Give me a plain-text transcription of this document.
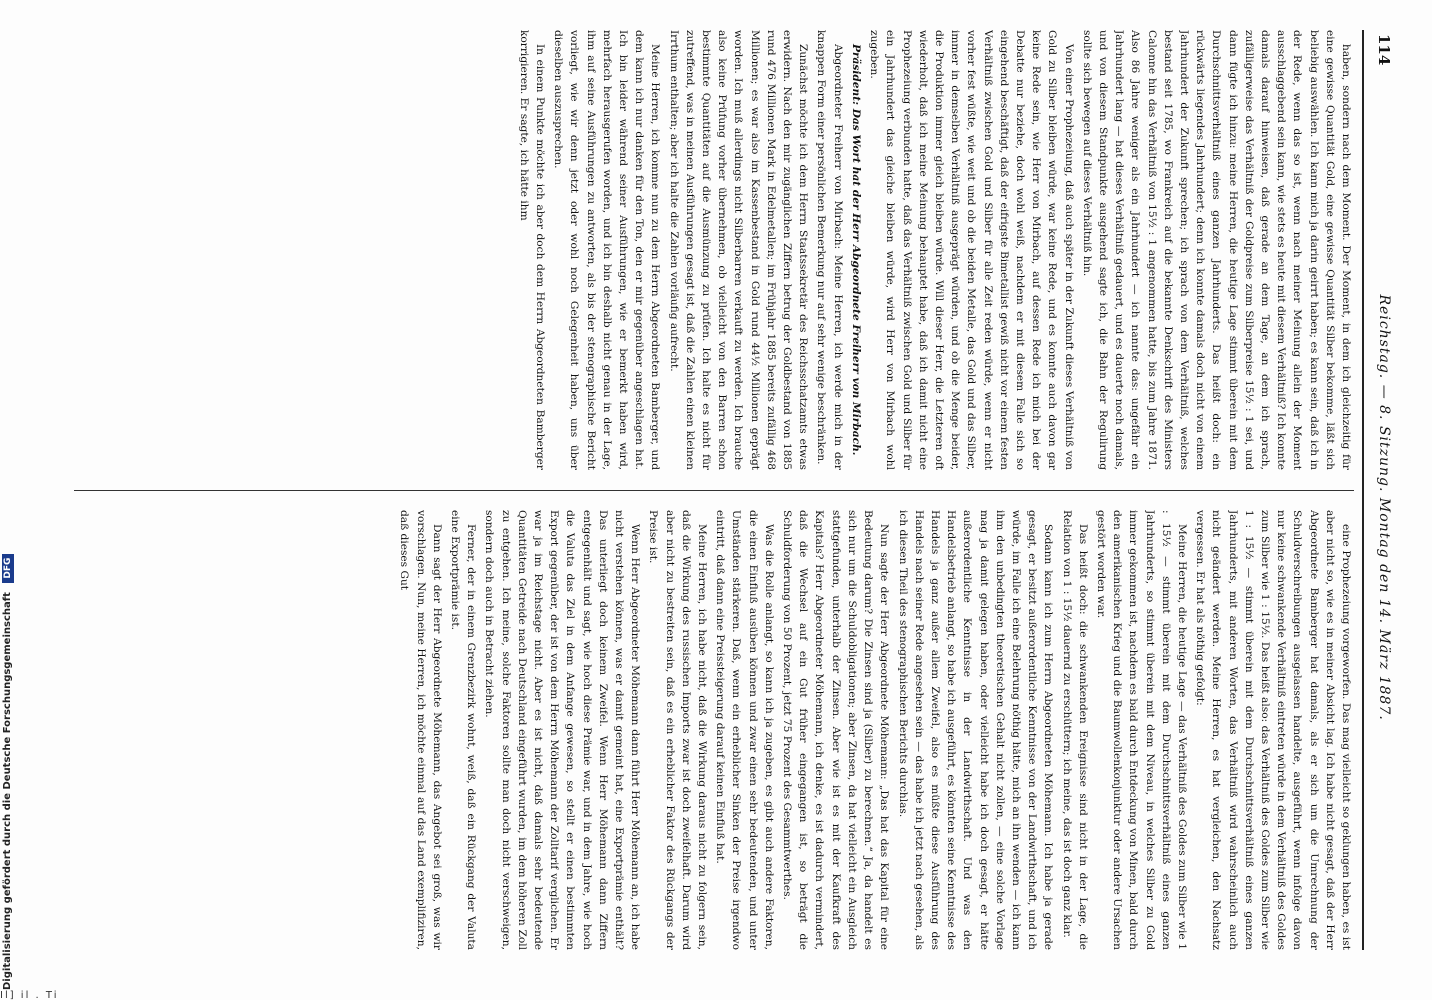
Digitalisierung gefördert durch die Deutsche Forschungsgemeinschaft DFG
114
Reichstag. — 8. Sitzung. Montag den 14. März 1887.

haben, sondern nach dem Moment. Der Moment, in dem ich gleichzeitig für eine gewisse Quantität Gold, eine gewisse Quantität Silber bekomme, läßt sich beliebig auswählen. Ich kann mich ja darin geirrt haben; es kann sein, daß ich in der Rede, wenn das so ist, wenn nach meiner Meinung allein der Moment ausschlaggebend sein kann, wie stets es heute mit diesem Verhältniß? Ich konnte damals darauf hinweisen, daß gerade an dem Tage, an dem ich sprach, zufälligerweise das Verhältniß der Goldpreise zum Silberpreise 15½ : 1 sei, und dann fügte ich hinzu: meine Herren, die heutige Lage stimmt überein mit dem Durchschnittsverhältniß eines ganzen Jahrhunderts. Das heißt doch: ein rückwärts liegendes Jahrhundert; denn ich konnte damals doch nicht von einem Jahrhundert der Zukunft sprechen; ich sprach von dem Verhältniß, welches bestand seit 1785, wo Frankreich auf die bekannte Denkschrift des Ministers Calonne hin das Verhältniß von 15½ : 1 angenommen hatte, bis zum Jahre 1871. Also 86 Jahre weniger als ein Jahrhundert — ich nannte das: ungefähr ein Jahrhundert lang — hat dieses Verhältniß gedauert, und es dauerte noch damals, und von diesem Standpunkte ausgehend sagte ich, die Bahn der Regulirung sollte sich bewegen auf dieses Verhältniß hin.

Von einer Prophezeiung, daß auch später in der Zukunft dieses Verhältniß von Gold zu Silber bleiben würde, war keine Rede, und es konnte auch davon gar keine Rede sein, wie Herr von Mirbach, auf dessen Rede ich mich bei der Debatte nur beziehe, doch wohl weiß, nachdem er mit diesem Falle sich so eingehend beschäftigt, daß der eifrigste Bimetallist gewiß nicht vor einem festen Verhältniß zwischen Gold und Silber für alle Zeit reden würde, wenn er nicht vorher fest wüßte, wie weit und ob die beiden Metalle, das Gold und das Silber, immer in demselben Verhältniß ausgeprägt würden, und ob die Menge beider, die Produktion immer gleich bleiben würde. Will dieser Herr, die Letzteren oft wiederholt, daß ich meine Meinung behauptet habe, daß ich damit nicht eine Prophezeiung verbunden hatte, daß das Verhältniß zwischen Gold und Silber für ein Jahrhundert das gleiche bleiben würde, wird Herr von Mirbach wohl zugeben.

Präsident: Das Wort hat der Herr Abgeordnete Freiherr von Mirbach.

Abgeordneter Freiherr von Mirbach: Meine Herren, ich werde mich in der knappen Form einer persönlichen Bemerkung nur auf sehr wenige beschränken.

Zunächst möchte ich dem Herrn Staatssekretär des Reichsschatzamts etwas erwidern. Nach den mir zugänglichen Ziffern betrug der Goldbestand von 1885 rund 476 Millionen Mark in Edelmetallen; im Frühjahr 1885 bereits zufällig 468 Millionen; es war also im Kassenbestand in Gold rund 44½ Millionen geprägt worden. Ich muß allerdings nicht Silberbarren verkauft zu werden. Ich brauche also keine Prüfung vorher übernehmen, ob vielleicht von den Barren schon bestimmte Quantitäten auf die Ausmünzung zu prüfen. Ich halte es nicht für zutreffend, was in meinen Ausführungen gesagt ist, daß die Zahlen einen kleinen Irrthum enthalten; aber ich halte die Zahlen vorläufig aufrecht.

Meine Herren, ich komme nun zu dem Herrn Abgeordneten Bamberger, und dem kann ich nur danken für den Ton, den er mir gegenüber angeschlagen hat. Ich bin leider während seiner Ausführungen, wie er bemerkt haben wird, mehrfach herausgerufen worden, und ich bin deshalb nicht genau in der Lage, ihm auf seine Ausführungen zu antworten, als bis der stenographische Bericht vorliegt, wie wir denn jetzt oder wohl noch Gelegenheit haben, uns über dieselben auszusprechen.

In einem Punkte möchte ich aber doch dem Herrn Abgeordneten Bamberger korrigieren. Er sagte, ich hätte ihm

eine Prophezeiung vorgeworfen. Das mag vielleicht so geklungen haben, es ist aber nicht so, wie es in meiner Absicht lag. Ich habe nicht gesagt, daß der Herr Abgeordnete Bamberger hat damals, als er sich um die Umrechnung der Schuldverschreibungen ausgelassen handelte, ausgeführt, wenn infolge davon nur keine schwankende Verhältniß eintreten würde in dem Verhältniß des Goldes zum Silber wie 1 : 15½. Das heißt also: das Verhältniß des Goldes zum Silber wie 1 : 15½ — stimmt überein mit dem Durchschnittsverhältniß eines ganzen Jahrhunderts, mit anderen Worten, das Verhältniß wird wahrscheinlich auch nicht geändert werden. Meine Herren, es hat vergleichen, den Nachsatz vergessen. Er hat als nöthig gefolgt:

Meine Herren, die heutige Lage — das Verhältniß des Goldes zum Silber wie 1 : 15½ — stimmt überein mit dem Durchschnittsverhältniß eines ganzen Jahrhunderts, so stimmt überein mit dem Niveau, in welches Silber zu Gold immer gekommen ist, nachdem es bald durch Entdeckung von Minen, bald durch den amerikanischen Krieg und die Baumwollenkonjunktur oder andere Ursachen gestört worden war.

Das heißt doch: die schwankenden Ereignisse sind nicht in der Lage, die Relation von 1 : 15½ dauernd zu erschüttern; ich meine, das ist doch ganz klar.

Sodann kann ich zum Herrn Abgeordneten Möhemann. Ich habe ja gerade gesagt, er besitzt außerordentliche Kenntnisse von der Landwirthschaft, und ich würde, im Falle ich eine Belehrung nöthig hätte, mich an ihn wenden — ich kann ihm den unbedingten theoretischen Gehalt nicht zollen, — eine solche Vorlage mag ja damit gelegen haben, oder vielleicht habe ich doch gesagt, er hätte außerordentliche Kenntnisse in der Landwirthschaft. Und was den Handelsbetrieb anlangt, so habe ich ausgeführt, es könnten seine Kenntnisse des Handels ja ganz außer allem Zweifel, also es müßte diese Ausführung des Handels nach seiner Rede angesehen sein — das habe ich jetzt nach gesehen, als ich diesen Theil des stenographischen Berichts durchlas.

Nun sagte der Herr Abgeordnete Möhemann: „Das hat das Kapital für eine Bedeutung darum? Die Zinsen sind ja (Silber) zu berechnen.“ Ja, da handelt es sich nur um die Schuldobligationen; aber Zinsen, da hat vielleicht ein Ausgleich stattgefunden, unterhalb der Zinsen. Aber wie ist es mit der Kaufkraft des Kapitals? Herr Abgeordneter Möhemann, ich denke, es ist dadurch vermindert, daß die Wechsel auf ein Gut früher eingegangen ist, so beträgt die Schuldforderung von 50 Prozent, jetzt 75 Prozent des Gesammtwerthes.

Was die Rolle anlangt, so kann ich ja zugeben, es gibt auch andere Faktoren, die einen Einfluß ausüben können und zwar einen sehr bedeutenden, und unter Umständen stärkeren. Daß, wenn ein erheblicher Sinken der Preise irgendwo eintritt, daß dann eine Preissteigerung darauf keinen Einfluß hat.

Meine Herren, ich habe nicht, daß die Wirkung daraus nicht zu folgern sein, daß die Wirkung des russischen Imports zwar ist doch zweifelhaft. Darum wird aber nicht zu bestreiten sein, daß es ein erheblicher Faktor des Rückgangs der Preise ist.

Wenn Herr Abgeordneter Möhemann dann führt Herr Möhemann an, ich habe nicht verstehen können, was er damit gemeint hat, eine Exportprämie enthält? Das unterliegt doch keinem Zweifel. Wenn Herr Möhemann dann Ziffern entgegenhält und sagt, wie hoch diese Prämie war, und in dem Jahre, wie hoch die Valuta das Ziel in dem Anfange gewesen, so stellt er einen bestimmten Export gegenüber, der ist von dem Herrn Möhemann der Zolltarif verglichen. Er war ja im Reichstage nicht. Aber es ist nicht, daß damals sehr bedeutende Quantitäten Getreide nach Deutschland eingeführt wurden, im dem höheren Zoll zu entgehen. Ich meine, solche Faktoren sollte man doch nicht verschweigen, sondern doch auch in Betracht ziehen.

Ferner, der in einem Grenzbezirk wohnt, weiß, daß ein Rückgang der Valuta eine Exportprämie ist.

Dann sagt der Herr Abgeordnete Möhemann, das Angebot sei groß, was wir vorschlagen. Nun, meine Herren, ich möchte einmal auf das Land exemplifiziren, daß dieses Gut

Il] il . Ti
